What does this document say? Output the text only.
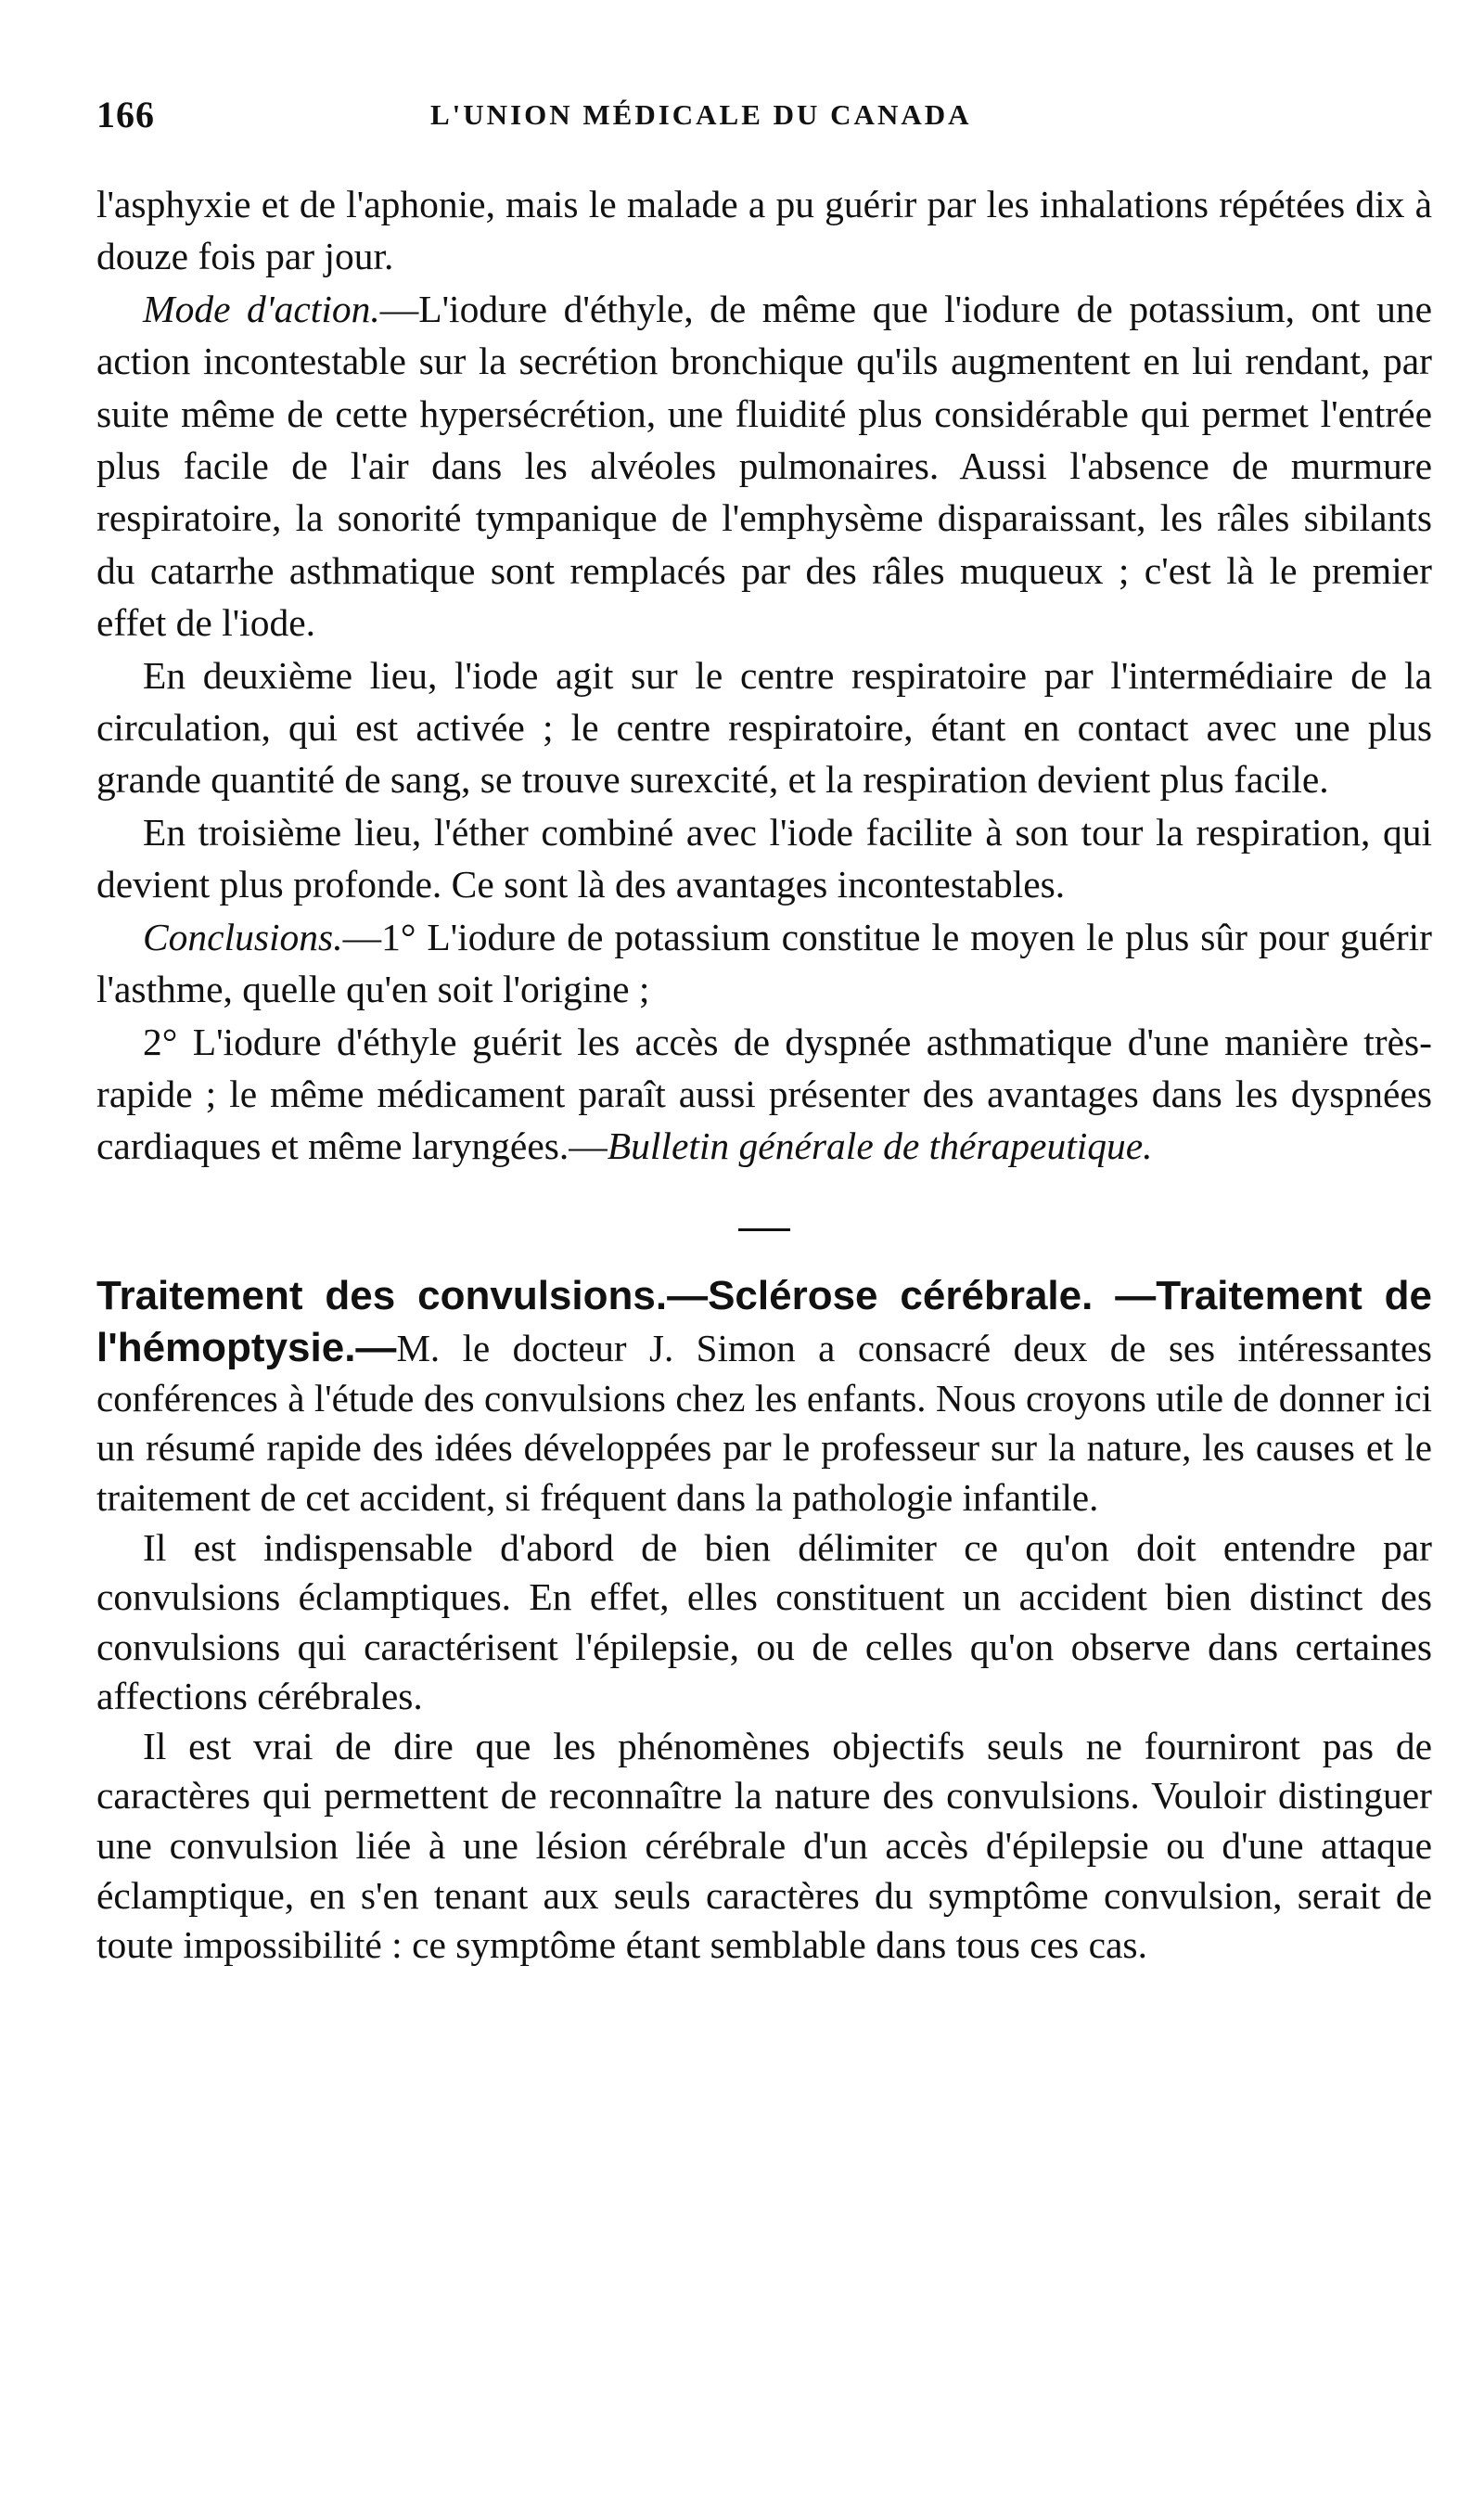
166	L'UNION MÉDICALE DU CANADA

l'asphyxie et de l'aphonie, mais le malade a pu guérir par les inhalations répétées dix à douze fois par jour.

Mode d'action.—L'iodure d'éthyle, de même que l'iodure de potassium, ont une action incontestable sur la secrétion bronchique qu'ils augmentent en lui rendant, par suite même de cette hypersécrétion, une fluidité plus considérable qui permet l'entrée plus facile de l'air dans les alvéoles pulmonaires. Aussi l'absence de murmure respiratoire, la sonorité tympanique de l'emphysème disparaissant, les râles sibilants du catarrhe asthmatique sont remplacés par des râles muqueux ; c'est là le premier effet de l'iode.

En deuxième lieu, l'iode agit sur le centre respiratoire par l'intermédiaire de la circulation, qui est activée ; le centre respiratoire, étant en contact avec une plus grande quantité de sang, se trouve surexcité, et la respiration devient plus facile.

En troisième lieu, l'éther combiné avec l'iode facilite à son tour la respiration, qui devient plus profonde. Ce sont là des avantages incontestables.

Conclusions.—1° L'iodure de potassium constitue le moyen le plus sûr pour guérir l'asthme, quelle qu'en soit l'origine ;

2° L'iodure d'éthyle guérit les accès de dyspnée asthmatique d'une manière très-rapide ; le même médicament paraît aussi présenter des avantages dans les dyspnées cardiaques et même laryngées.—Bulletin générale de thérapeutique.

Traitement des convulsions.—Sclérose cérébrale. —Traitement de l'hémoptysie.—M. le docteur J. Simon a consacré deux de ses intéressantes conférences à l'étude des convulsions chez les enfants. Nous croyons utile de donner ici un résumé rapide des idées développées par le professeur sur la nature, les causes et le traitement de cet accident, si fréquent dans la pathologie infantile.

Il est indispensable d'abord de bien délimiter ce qu'on doit entendre par convulsions éclamptiques. En effet, elles constituent un accident bien distinct des convulsions qui caractérisent l'épilepsie, ou de celles qu'on observe dans certaines affections cérébrales.

Il est vrai de dire que les phénomènes objectifs seuls ne fourniront pas de caractères qui permettent de reconnaître la nature des convulsions. Vouloir distinguer une convulsion liée à une lésion cérébrale d'un accès d'épilepsie ou d'une attaque éclamptique, en s'en tenant aux seuls caractères du symptôme convulsion, serait de toute impossibilité : ce symptôme étant semblable dans tous ces cas.
